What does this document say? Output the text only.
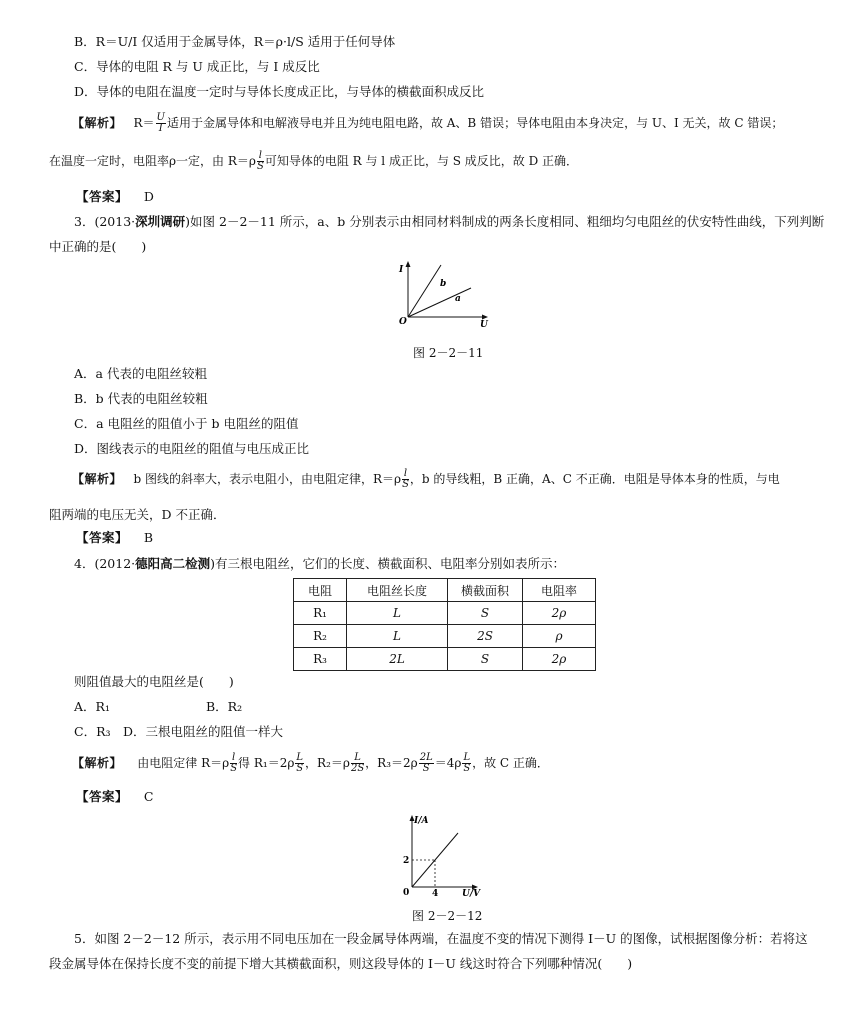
B．R＝U/I 仅适用于金属导体，R＝ρ·l/S 适用于任何导体
C．导体的电阻 R 与 U 成正比，与 I 成反比
D．导体的电阻在温度一定时与导体长度成正比，与导体的横截面积成反比
【解析】 $R= \frac{U}{I}$ 适用于金属导体和电解液导电并且为纯电阻电路，故 A、B 错误；导体电阻由本身决定，与 U、I 无关，故 C 错误；
在温度一定时，电阻率ρ一定，由 $R=\rho \frac{l}{S}$ 可知导体的电阻 R 与 l 成正比，与 S 成反比，故 D 正确．
【答案】 D
3．(2013·深圳调研)如图 2－2－11 所示，a、b 分别表示由相同材料制成的两条长度相同、粗细均匀电阻丝的伏安特性曲线，下列判断
中正确的是(　　)
I
U
O
b
a
图 2－2－11
A．a 代表的电阻丝较粗
B．b 代表的电阻丝较粗
C．a 电阻丝的阻值小于 b 电阻丝的阻值
D．图线表示的电阻丝的阻值与电压成正比
【解析】 b 图线的斜率大，表示电阻小，由电阻定律，$R=\rho \frac{l}{S}$ ，b 的导线粗，B 正确，A、C 不正确．电阻是导体本身的性质，与电
阻两端的电压无关，D 不正确．
【答案】 B
4．(2012·德阳高二检测)有三根电阻丝，它们的长度、横截面积、电阻率分别如表所示：
电阻	电阻丝长度	横截面积	电阻率
R₁	L	S	2ρ
R₂	L	2S	ρ
R₃	2L	S	2ρ
则阻值最大的电阻丝是(　　)
A．R₁	B．R₂
C．R₃　D．三根电阻丝的阻值一样大
【解析】 由电阻定律 $R=\rho \frac{l}{S}$ 得 $R_1=2\rho \frac{L}{S}$ ，$R_2=\rho \frac{L}{2S}$ ，$R_3=2\rho \frac{2L}{S} =4\rho \frac{L}{S}$ ，故 C 正确．
【答案】 C
I/A
U/V
0
2
4
图 2－2－12
5．如图 2－2－12 所示，表示用不同电压加在一段金属导体两端，在温度不变的情况下测得 I－U 的图像，试根据图像分析：若将这
段金属导体在保持长度不变的前提下增大其横截面积，则这段导体的 I－U 线这时符合下列哪种情况(　　)
